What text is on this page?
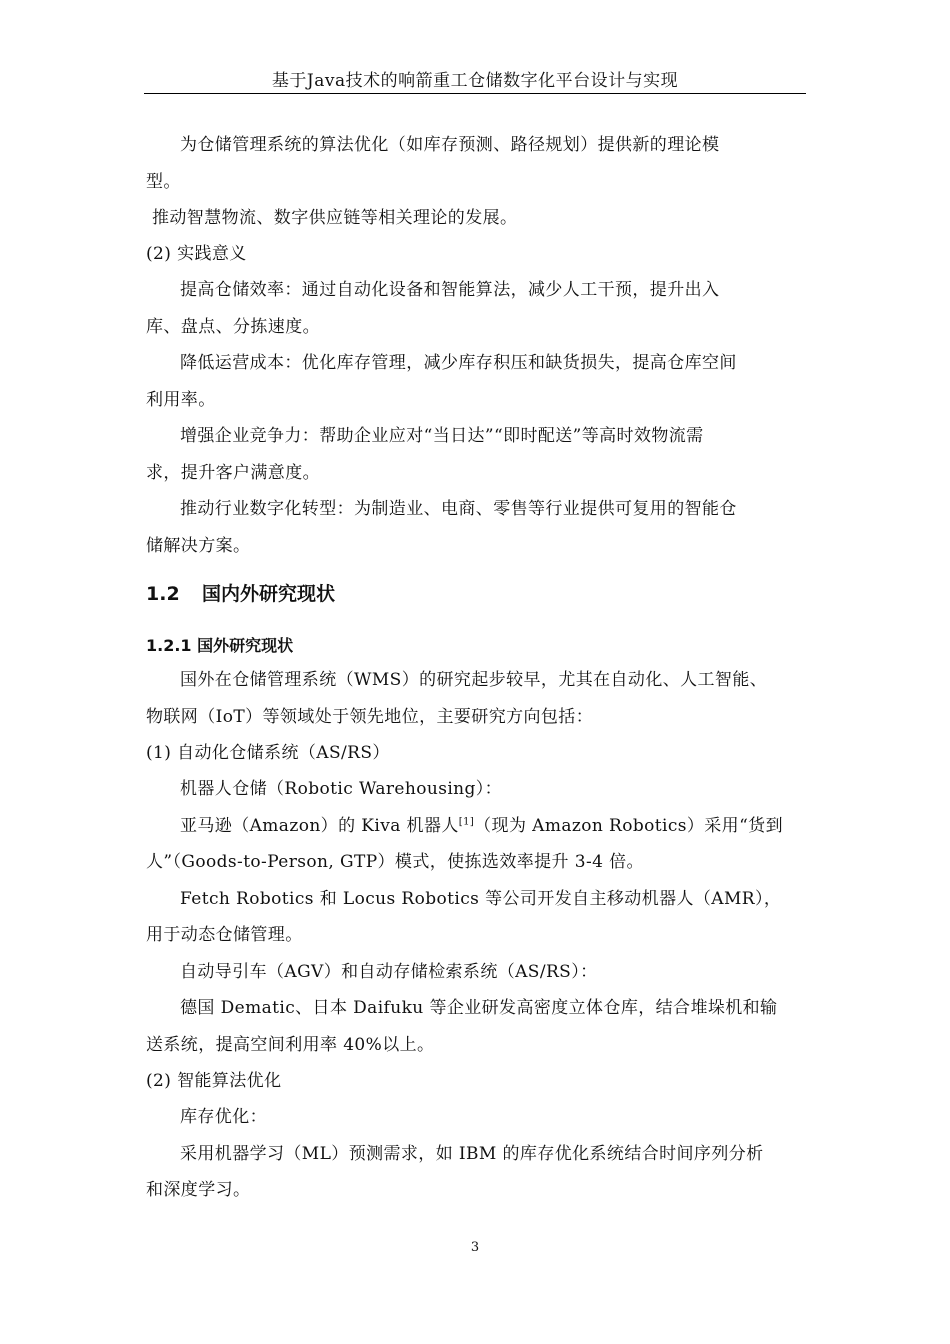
基于Java技术的响箭重工仓储数字化平台设计与实现
为仓储管理系统的算法优化（如库存预测、路径规划）提供新的理论模
型。
推动智慧物流、数字供应链等相关理论的发展。
(2) 实践意义
提高仓储效率：通过自动化设备和智能算法，减少人工干预，提升出入
库、盘点、分拣速度。
降低运营成本：优化库存管理，减少库存积压和缺货损失，提高仓库空间
利用率。
增强企业竞争力：帮助企业应对“当日达”“即时配送”等高时效物流需
求，提升客户满意度。
推动行业数字化转型：为制造业、电商、零售等行业提供可复用的智能仓
储解决方案。
1.2 国内外研究现状
1.2.1 国外研究现状
国外在仓储管理系统（WMS）的研究起步较早，尤其在自动化、人工智能、
物联网（IoT）等领域处于领先地位，主要研究方向包括：
(1) 自动化仓储系统（AS/RS）
机器人仓储（Robotic Warehousing）：
亚马逊（Amazon）的 Kiva 机器人[1]（现为 Amazon Robotics）采用“货到
人”（Goods-to-Person, GTP）模式，使拣选效率提升 3-4 倍。
Fetch Robotics 和 Locus Robotics 等公司开发自主移动机器人（AMR），
用于动态仓储管理。
自动导引车（AGV）和自动存储检索系统（AS/RS）：
德国 Dematic、日本 Daifuku 等企业研发高密度立体仓库，结合堆垛机和输
送系统，提高空间利用率 40%以上。
(2) 智能算法优化
库存优化：
采用机器学习（ML）预测需求，如 IBM 的库存优化系统结合时间序列分析
和深度学习。
3
